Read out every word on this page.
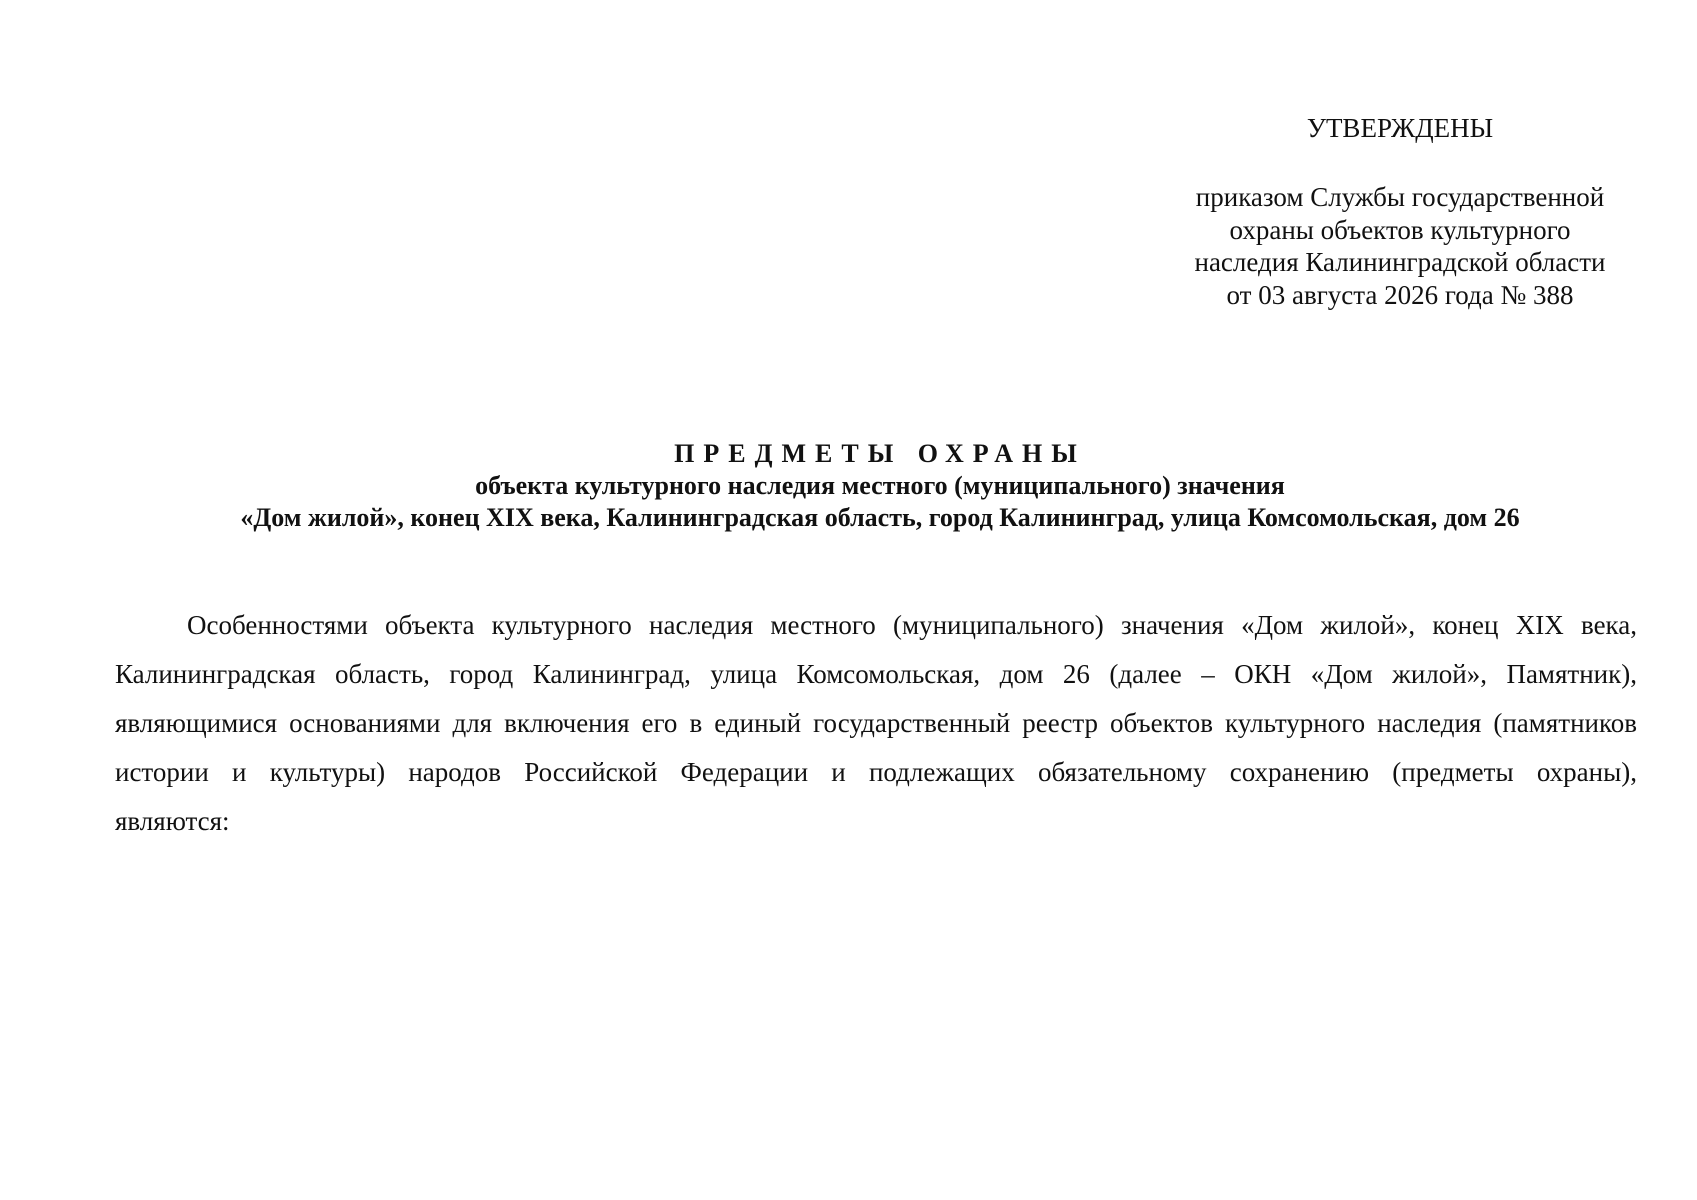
УТВЕРЖДЕНЫ
приказом Службы государственной
охраны объектов культурного
наследия Калининградской области
от 03 августа 2026 года № 388
ПРЕДМЕТЫ ОХРАНЫ
объекта культурного наследия местного (муниципального) значения
«Дом жилой», конец XIX века, Калининградская область, город Калининград, улица Комсомольская, дом 26
Особенностями объекта культурного наследия местного (муниципального) значения «Дом жилой», конец XIX века,
Калининградская область, город Калининград, улица Комсомольская, дом 26 (далее – ОКН «Дом жилой», Памятник),
являющимися основаниями для включения его в единый государственный реестр объектов культурного наследия (памятников
истории и культуры) народов Российской Федерации и подлежащих обязательному сохранению (предметы охраны),
являются:
